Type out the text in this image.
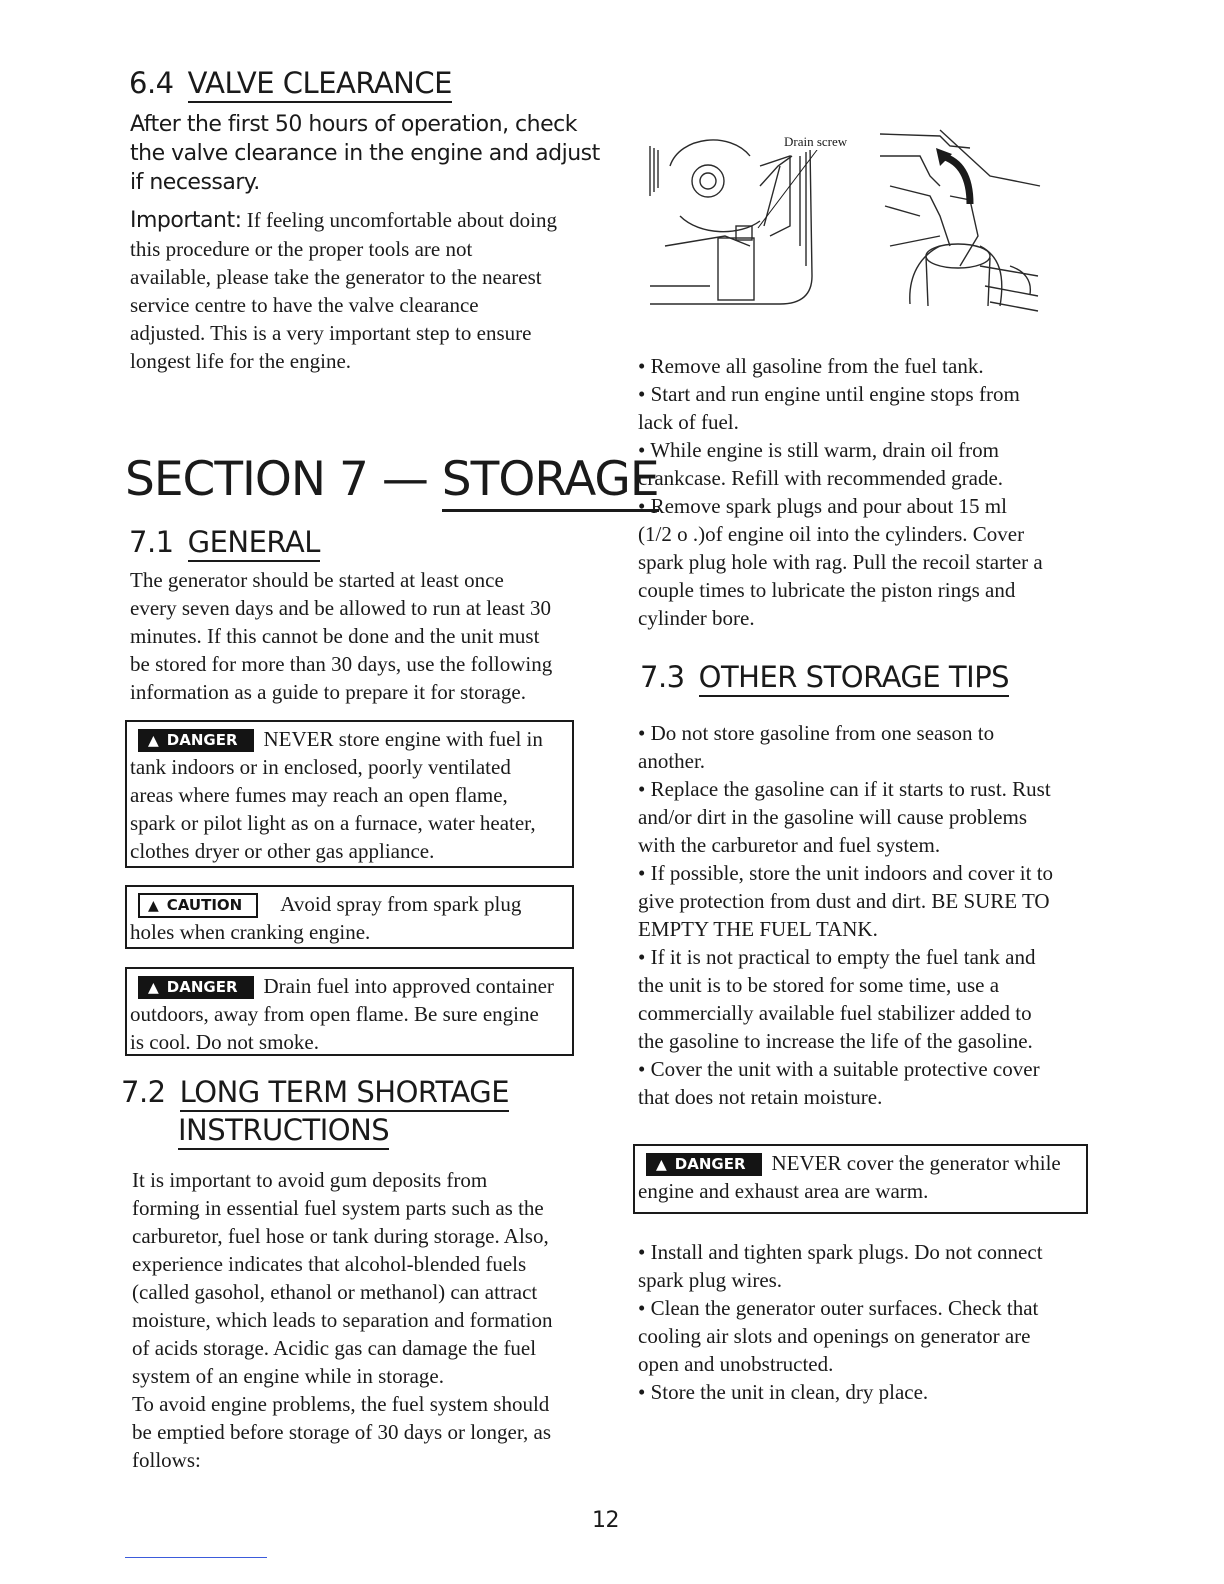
6.4 VALVE CLEARANCE
After the first 50 hours of operation, check
the valve clearance in the engine and adjust
if necessary.
Important: If feeling uncomfortable about doing
this procedure or the proper tools are not
available, please take the generator to the nearest
service centre to have the valve clearance
adjusted. This is a very important step to ensure
longest life for the engine.
SECTION 7 — STORAGE
7.1 GENERAL
The generator should be started at least once
every seven days and be allowed to run at least 30
minutes. If this cannot be done and the unit must
be stored for more than 30 days, use the following
information as a guide to prepare it for storage.
▲ DANGER NEVER store engine with fuel in
tank indoors or in enclosed, poorly ventilated
areas where fumes may reach an open flame,
spark or pilot light as on a furnace, water heater,
clothes dryer or other gas appliance.
▲ CAUTION Avoid spray from spark plug
holes when cranking engine.
▲ DANGER Drain fuel into approved container
outdoors, away from open flame. Be sure engine
is cool. Do not smoke.
7.2 LONG TERM SHORTAGE
INSTRUCTIONS
It is important to avoid gum deposits from
forming in essential fuel system parts such as the
carburetor, fuel hose or tank during storage. Also,
experience indicates that alcohol-blended fuels
(called gasohol, ethanol or methanol) can attract
moisture, which leads to separation and formation
of acids storage. Acidic gas can damage the fuel
system of an engine while in storage.
To avoid engine problems, the fuel system should
be emptied before storage of 30 days or longer, as
follows:
Drain screw
• Remove all gasoline from the fuel tank.
• Start and run engine until engine stops from
lack of fuel.
• While engine is still warm, drain oil from
crankcase. Refill with recommended grade.
• Remove spark plugs and pour about 15 ml
(1/2 o .)of engine oil into the cylinders. Cover
spark plug hole with rag. Pull the recoil starter a
couple times to lubricate the piston rings and
cylinder bore.
7.3 OTHER STORAGE TIPS
• Do not store gasoline from one season to
another.
• Replace the gasoline can if it starts to rust. Rust
and/or dirt in the gasoline will cause problems
with the carburetor and fuel system.
• If possible, store the unit indoors and cover it to
give protection from dust and dirt. BE SURE TO
EMPTY THE FUEL TANK.
• If it is not practical to empty the fuel tank and
the unit is to be stored for some time, use a
commercially available fuel stabilizer added to
the gasoline to increase the life of the gasoline.
• Cover the unit with a suitable protective cover
that does not retain moisture.
▲ DANGER NEVER cover the generator while
engine and exhaust area are warm.
• Install and tighten spark plugs. Do not connect
spark plug wires.
• Clean the generator outer surfaces. Check that
cooling air slots and openings on generator are
open and unobstructed.
• Store the unit in clean, dry place.
12
